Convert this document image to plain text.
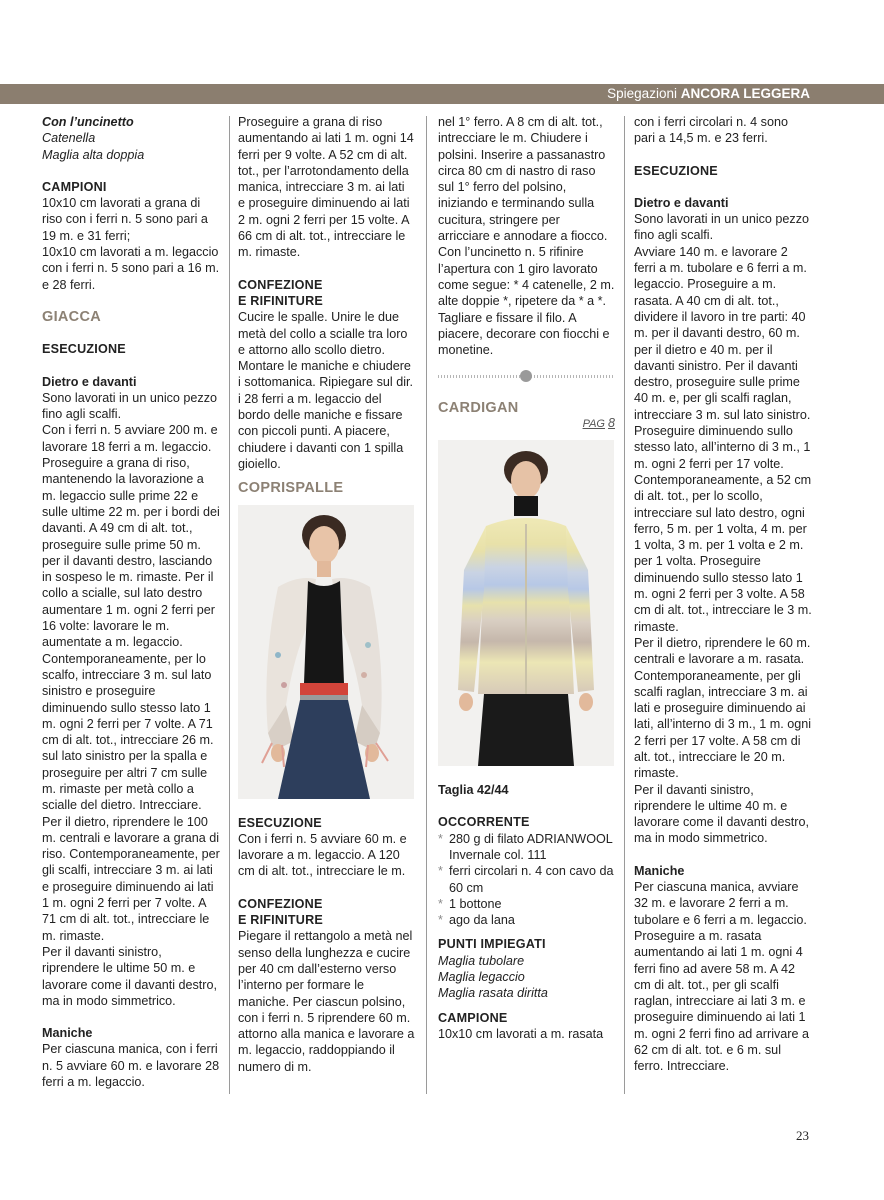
Spiegazioni ANCORA LEGGERA

Con l’uncinetto

Catenella

Maglia alta doppia

CAMPIONI

10x10 cm lavorati a grana di riso con i ferri n. 5 sono pari a 19 m. e 31 ferri;

10x10 cm lavorati a m. legaccio con i ferri n. 5 sono pari a 16 m. e 28 ferri.

GIACCA

ESECUZIONE

Dietro e davanti

Sono lavorati in un unico pezzo fino agli scalfi.

Con i ferri n. 5 avviare 200 m. e lavorare 18 ferri a m. legaccio. Proseguire a grana di riso, mantenendo la lavorazione a m. legaccio sulle prime 22 e sulle ultime 22 m. per i bordi dei davanti. A 49 cm di alt. tot., proseguire sulle prime 50 m. per il davanti destro, lasciando in sospeso le m. rimaste. Per il collo a scialle, sul lato destro aumentare 1 m. ogni 2 ferri per 16 volte: lavorare le m. aumentate a m. legaccio. Contemporaneamente, per lo scalfo, intrecciare 3 m. sul lato sinistro e proseguire diminuendo sullo stesso lato 1 m. ogni 2 ferri per 7 volte. A 71 cm di alt. tot., intrecciare 26 m. sul lato sinistro per la spalla e proseguire per altri 7 cm sulle m. rimaste per metà collo a scialle del dietro. Intrecciare.

Per il dietro, riprendere le 100 m. centrali e lavorare a grana di riso. Contemporaneamente, per gli scalfi, intrecciare 3 m. ai lati e proseguire diminuendo ai lati 1 m. ogni 2 ferri per 7 volte. A 71 cm di alt. tot., intrecciare le m. rimaste.

Per il davanti sinistro, riprendere le ultime 50 m. e lavorare come il davanti destro, ma in modo simmetrico.

Maniche

Per ciascuna manica, con i ferri n. 5 avviare 60 m. e lavorare 28 ferri a m. legaccio.

Proseguire a grana di riso aumentando ai lati 1 m. ogni 14 ferri per 9 volte. A 52 cm di alt. tot., per l’arrotondamento della manica, intrecciare 3 m. ai lati e proseguire diminuendo ai lati 2 m. ogni 2 ferri per 15 volte. A 66 cm di alt. tot., intrecciare le m. rimaste.

CONFEZIONE

E RIFINITURE

Cucire le spalle. Unire le due metà del collo a scialle tra loro e attorno allo scollo dietro. Montare le maniche e chiudere i sottomanica. Ripiegare sul dir. i 28 ferri a m. legaccio del bordo delle maniche e fissare con piccoli punti. A piacere, chiudere i davanti con 1 spilla gioiello.

COPRISPALLE

ESECUZIONE

Con i ferri n. 5 avviare 60 m. e lavorare a m. legaccio. A 120 cm di alt. tot., intrecciare le m.

CONFEZIONE

E RIFINITURE

Piegare il rettangolo a metà nel senso della lunghezza e cucire per 40 cm dall’esterno verso l’interno per formare le maniche. Per ciascun polsino, con i ferri n. 5 riprendere 60 m. attorno alla manica e lavorare a m. legaccio, raddoppiando il numero di m.

nel 1° ferro. A 8 cm di alt. tot., intrecciare le m. Chiudere i polsini. Inserire a passanastro circa 80 cm di nastro di raso sul 1° ferro del polsino, iniziando e terminando sulla cucitura, stringere per arricciare e annodare a fiocco. Con l’uncinetto n. 5 rifinire l’apertura con 1 giro lavorato come segue: * 4 catenelle, 2 m. alte doppie *, ripetere da * a *. Tagliare e fissare il filo. A piacere, decorare con fiocchi e monetine.

CARDIGAN

PAG 8

Taglia 42/44

OCCORRENTE

* 280 g di filato ADRIANWOOL Invernale col. 111
* ferri circolari n. 4 con cavo da 60 cm
* 1 bottone
* ago da lana

PUNTI IMPIEGATI

Maglia tubolare

Maglia legaccio

Maglia rasata diritta

CAMPIONE

10x10 cm lavorati a m. rasata

con i ferri circolari n. 4 sono pari a 14,5 m. e 23 ferri.

ESECUZIONE

Dietro e davanti

Sono lavorati in un unico pezzo fino agli scalfi.

Avviare 140 m. e lavorare 2 ferri a m. tubolare e 6 ferri a m. legaccio. Proseguire a m. rasata. A 40 cm di alt. tot., dividere il lavoro in tre parti: 40 m. per il davanti destro, 60 m. per il dietro e 40 m. per il davanti sinistro. Per il davanti destro, proseguire sulle prime 40 m. e, per gli scalfi raglan, intrecciare 3 m. sul lato sinistro. Proseguire diminuendo sullo stesso lato, all’interno di 3 m., 1 m. ogni 2 ferri per 17 volte. Contemporaneamente, a 52 cm di alt. tot., per lo scollo, intrecciare sul lato destro, ogni ferro, 5 m. per 1 volta, 4 m. per 1 volta, 3 m. per 1 volta e 2 m. per 1 volta. Proseguire diminuendo sullo stesso lato 1 m. ogni 2 ferri per 3 volte. A 58 cm di alt. tot., intrecciare le 3 m. rimaste.

Per il dietro, riprendere le 60 m. centrali e lavorare a m. rasata. Contemporaneamente, per gli scalfi raglan, intrecciare 3 m. ai lati e proseguire diminuendo ai lati, all’interno di 3 m., 1 m. ogni 2 ferri per 17 volte. A 58 cm di alt. tot., intrecciare le 20 m. rimaste.

Per il davanti sinistro, riprendere le ultime 40 m. e lavorare come il davanti destro, ma in modo simmetrico.

Maniche

Per ciascuna manica, avviare 32 m. e lavorare 2 ferri a m. tubolare e 6 ferri a m. legaccio. Proseguire a m. rasata aumentando ai lati 1 m. ogni 4 ferri fino ad avere 58 m. A 42 cm di alt. tot., per gli scalfi raglan, intrecciare ai lati 3 m. e proseguire diminuendo ai lati 1 m. ogni 2 ferri fino ad arrivare a 62 cm di alt. tot. e 6 m. sul ferro. Intrecciare.

23
